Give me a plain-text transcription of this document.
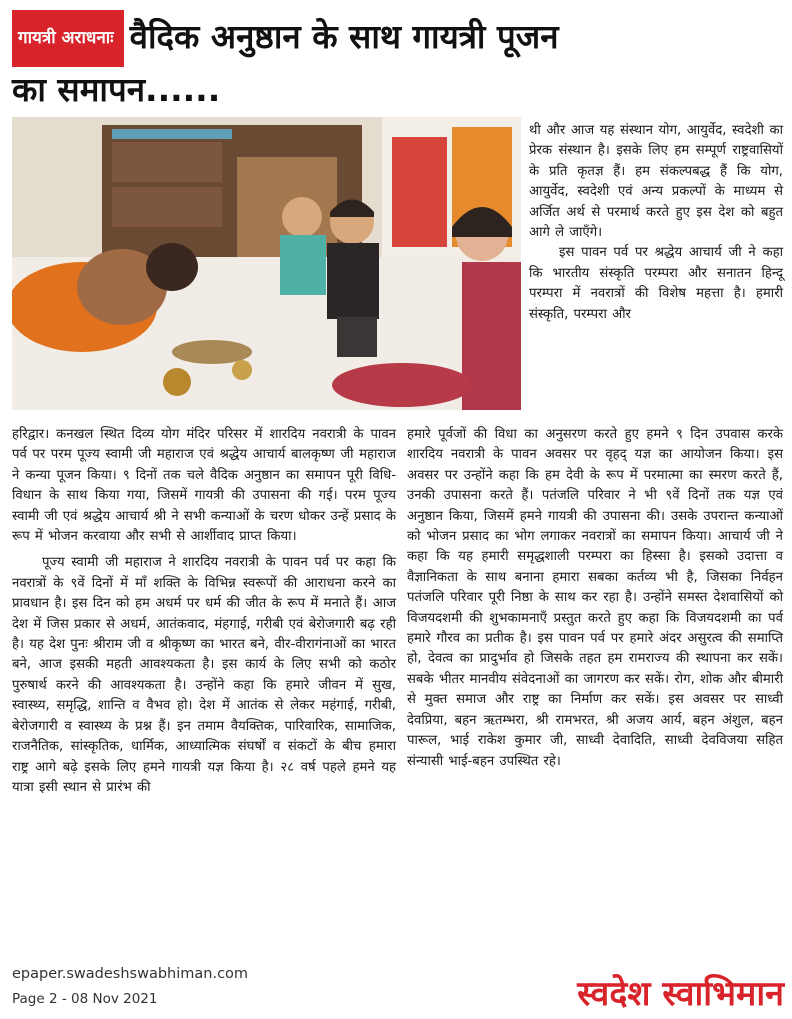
गायत्री अराधनाः वैदिक अनुष्ठान के साथ गायत्री पूजन
का समापन......

थी और आज यह संस्थान योग, आयुर्वेद, स्वदेशी का प्रेरक संस्थान है। इसके लिए हम सम्पूर्ण राष्ट्रवासियों के प्रति कृतज्ञ हैं। हम संकल्पबद्ध हैं कि योग, आयुर्वेद, स्वदेशी एवं अन्य प्रकल्पों के माध्यम से अर्जित अर्थ से परमार्थ करते हुए इस देश को बहुत आगे ले जाएँगे।

इस पावन पर्व पर श्रद्धेय आचार्य जी ने कहा कि भारतीय संस्कृति परम्परा और सनातन हिन्दू परम्परा में नवरात्रों की विशेष महत्ता है। हमारी संस्कृति, परम्परा और

हरिद्वार। कनखल स्थित दिव्य योग मंदिर परिसर में शारदिय नवरात्री के पावन पर्व पर परम पूज्य स्वामी जी महाराज एवं श्रद्धेय आचार्य बालकृष्ण जी महाराज ने कन्या पूजन किया। ९ दिनों तक चले वैदिक अनुष्ठान का समापन पूरी विधि-विधान के साथ किया गया, जिसमें गायत्री की उपासना की गई। परम पूज्य स्वामी जी एवं श्रद्धेय आचार्य श्री ने सभी कन्याओं के चरण धोकर उन्हें प्रसाद के रूप में भोजन करवाया और सभी से आर्शीवाद प्राप्त किया।

पूज्य स्वामी जी महाराज ने शारदिय नवरात्री के पावन पर्व पर कहा कि नवरात्रों के ९वें दिनों में माँ शक्ति के विभिन्न स्वरूपों की आराधना करने का प्रावधान है। इस दिन को हम अधर्म पर धर्म की जीत के रूप में मनाते हैं। आज देश में जिस प्रकार से अधर्म, आतंकवाद, मंहगाई, गरीबी एवं बेरोजगारी बढ़ रही है। यह देश पुनः श्रीराम जी व श्रीकृष्ण का भारत बने, वीर-वीरागंनाओं का भारत बने, आज इसकी महती आवश्यकता है। इस कार्य के लिए सभी को कठोर पुरुषार्थ करने की आवश्यकता है। उन्होंने कहा कि हमारे जीवन में सुख, स्वास्थ्य, समृद्धि, शान्ति व वैभव हो। देश में आतंक से लेकर महंगाई, गरीबी, बेरोजगारी व स्वास्थ्य के प्रश्न हैं। इन तमाम वैयक्तिक, पारिवारिक, सामाजिक, राजनैतिक, सांस्कृतिक, धार्मिक, आध्यात्मिक संघर्षों व संकटों के बीच हमारा राष्ट्र आगे बढ़े इसके लिए हमने गायत्री यज्ञ किया है। २८ वर्ष पहले हमने यह यात्रा इसी स्थान से प्रारंभ की

हमारे पूर्वजों की विधा का अनुसरण करते हुए हमने ९ दिन उपवास करके शारदिय नवरात्री के पावन अवसर पर वृहद् यज्ञ का आयोजन किया। इस अवसर पर उन्होंने कहा कि हम देवी के रूप में परमात्मा का स्मरण करते हैं, उनकी उपासना करते हैं। पतंजलि परिवार ने भी ९वें दिनों तक यज्ञ एवं अनुष्ठान किया, जिसमें हमने गायत्री की उपासना की। उसके उपरान्त कन्याओं को भोजन प्रसाद का भोग लगाकर नवरात्रों का समापन किया। आचार्य जी ने कहा कि यह हमारी समृद्धशाली परम्परा का हिस्सा है। इसको उदात्ता व वैज्ञानिकता के साथ बनाना हमारा सबका कर्तव्य भी है, जिसका निर्वहन पतंजलि परिवार पूरी निष्ठा के साथ कर रहा है। उन्होंने समस्त देशवासियों को विजयदशमी की शुभकामनाएँ प्रस्तुत करते हुए कहा कि विजयदशमी का पर्व हमारे गौरव का प्रतीक है। इस पावन पर्व पर हमारे अंदर असुरत्व की समाप्ति हो, देवत्व का प्रादुर्भाव हो जिसके तहत हम रामराज्य की स्थापना कर सकें। सबके भीतर मानवीय संवेदनाओं का जागरण कर सकें। रोग, शोक और बीमारी से मुक्त समाज और राष्ट्र का निर्माण कर सकें। इस अवसर पर साध्वी देवप्रिया, बहन ऋतम्भरा, श्री रामभरत, श्री अजय आर्य, बहन अंशुल, बहन पारूल, भाई राकेश कुमार जी, साध्वी देवादिति, साध्वी देवविजया सहित संन्यासी भाई-बहन उपस्थित रहे।

epaper.swadeshswabhiman.com
Page 2 - 08 Nov 2021	स्वदेश स्वाभिमान
